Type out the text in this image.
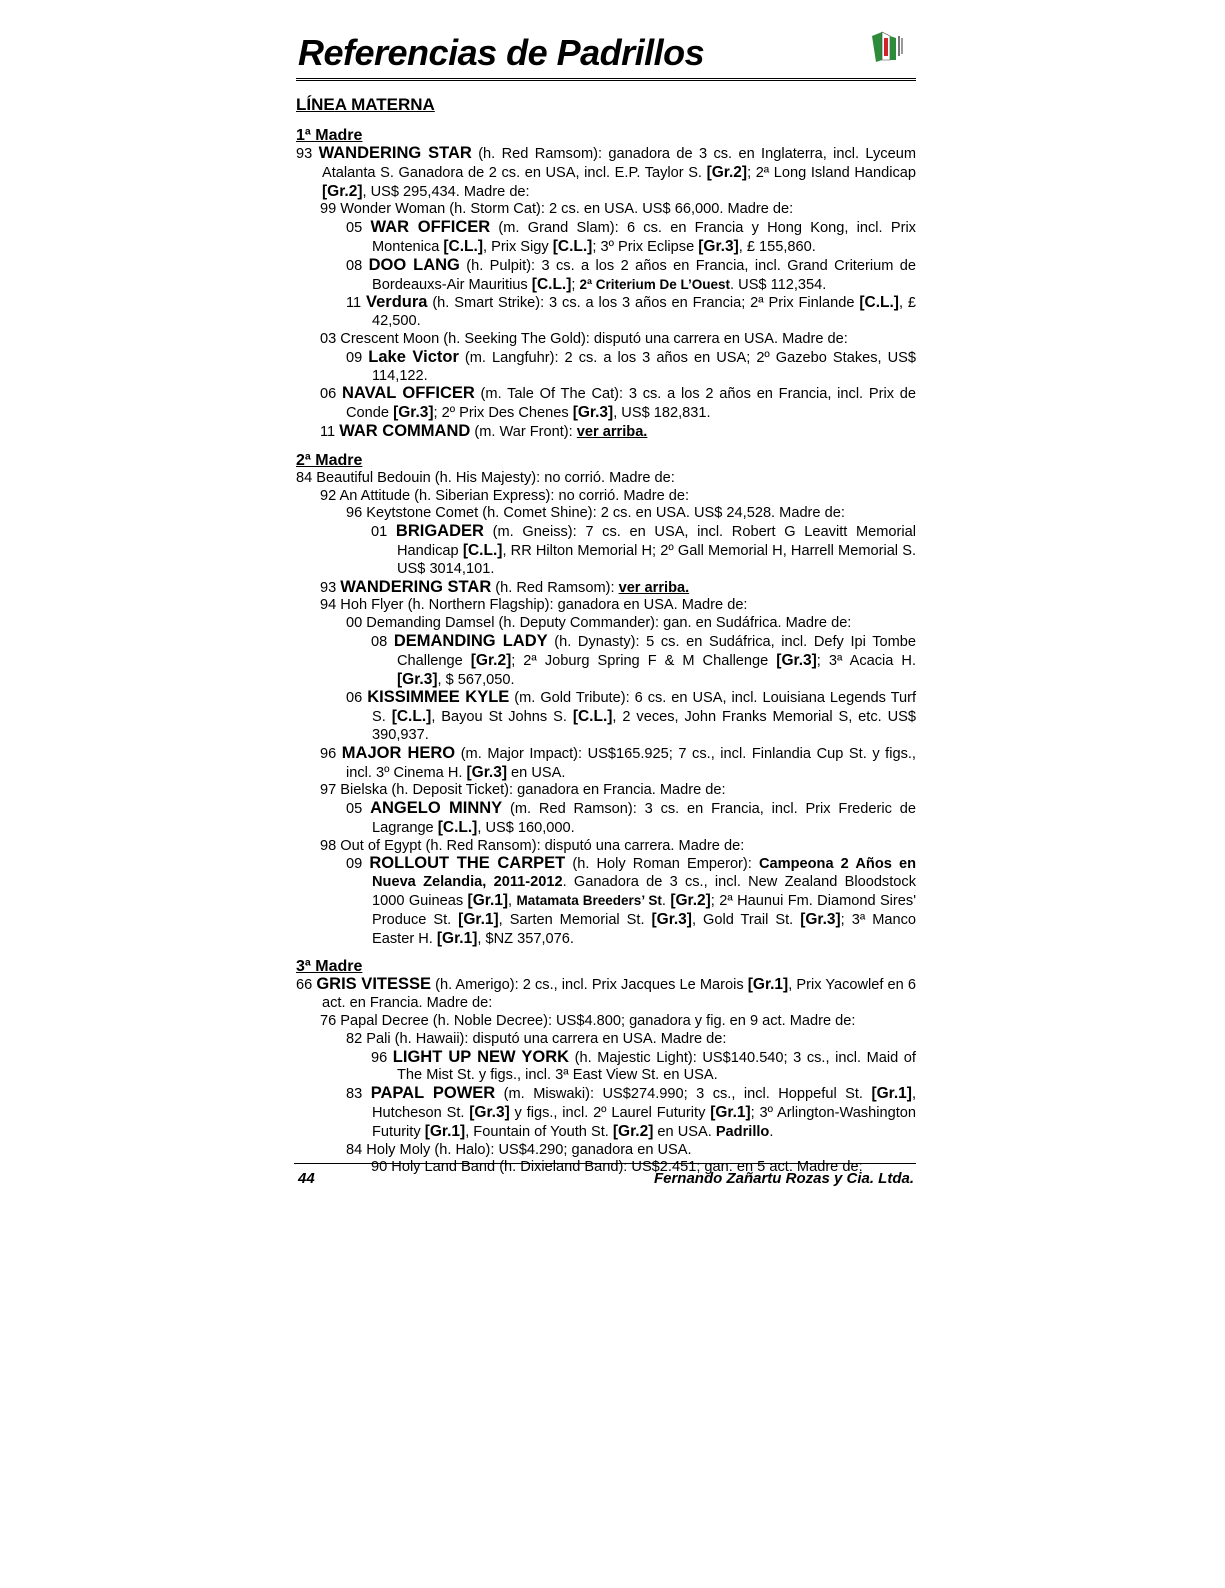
Referencias de Padrillos
LÍNEA MATERNA
1ª Madre
93 WANDERING STAR (h. Red Ramsom): ganadora de 3 cs. en Inglaterra, incl. Lyceum Atalanta S. Ganadora de 2 cs. en USA, incl. E.P. Taylor S. [Gr.2]; 2ª Long Island Handicap [Gr.2], US$ 295,434. Madre de:
99 Wonder Woman (h. Storm Cat): 2 cs. en USA. US$ 66,000. Madre de:
05 WAR OFFICER (m. Grand Slam): 6 cs. en Francia y Hong Kong, incl. Prix Montenica [C.L.], Prix Sigy [C.L.]; 3º Prix Eclipse [Gr.3], £ 155,860.
08 DOO LANG (h. Pulpit): 3 cs. a los 2 años en Francia, incl. Grand Criterium de Bordeauxs-Air Mauritius [C.L.]; 2ª Criterium De L’Ouest. US$ 112,354.
11 Verdura (h. Smart Strike): 3 cs. a los 3 años en Francia; 2ª Prix Finlande [C.L.], £ 42,500.
03 Crescent Moon (h. Seeking The Gold): disputó una carrera en USA. Madre de:
09 Lake Victor (m. Langfuhr): 2 cs. a los 3 años en USA; 2º Gazebo Stakes, US$ 114,122.
06 NAVAL OFFICER (m. Tale Of The Cat): 3 cs. a los 2 años en Francia, incl. Prix de Conde [Gr.3]; 2º Prix Des Chenes [Gr.3], US$ 182,831.
11 WAR COMMAND (m. War Front): ver arriba.
2ª Madre
84 Beautiful Bedouin (h. His Majesty): no corrió. Madre de:
92 An Attitude (h. Siberian Express): no corrió. Madre de:
96 Keytstone Comet (h. Comet Shine): 2 cs. en USA. US$ 24,528. Madre de:
01 BRIGADER (m. Gneiss): 7 cs. en USA, incl. Robert G Leavitt Memorial Handicap [C.L.], RR Hilton Memorial H; 2º Gall Memorial H, Harrell Memorial S. US$ 3014,101.
93 WANDERING STAR (h. Red Ramsom): ver arriba.
94 Hoh Flyer (h. Northern Flagship): ganadora en USA. Madre de:
00 Demanding Damsel (h. Deputy Commander): gan. en Sudáfrica. Madre de:
08 DEMANDING LADY (h. Dynasty): 5 cs. en Sudáfrica, incl. Defy Ipi Tombe Challenge [Gr.2]; 2ª Joburg Spring F & M Challenge [Gr.3]; 3ª Acacia H. [Gr.3], $ 567,050.
06 KISSIMMEE KYLE (m. Gold Tribute): 6 cs. en USA, incl. Louisiana Legends Turf S. [C.L.], Bayou St Johns S. [C.L.], 2 veces, John Franks Memorial S, etc. US$ 390,937.
96 MAJOR HERO (m. Major Impact): US$165.925; 7 cs., incl. Finlandia Cup St. y figs., incl. 3º Cinema H. [Gr.3] en USA.
97 Bielska (h. Deposit Ticket): ganadora en Francia. Madre de:
05 ANGELO MINNY (m. Red Ramson): 3 cs. en Francia, incl. Prix Frederic de Lagrange [C.L.], US$ 160,000.
98 Out of Egypt (h. Red Ransom): disputó una carrera. Madre de:
09 ROLLOUT THE CARPET (h. Holy Roman Emperor): Campeona 2 Años en Nueva Zelandia, 2011-2012. Ganadora de 3 cs., incl. New Zealand Bloodstock 1000 Guineas [Gr.1], Matamata Breeders’ St. [Gr.2]; 2ª Haunui Fm. Diamond Sires' Produce St. [Gr.1], Sarten Memorial St. [Gr.3], Gold Trail St. [Gr.3]; 3ª Manco Easter H. [Gr.1], $NZ 357,076.
3ª Madre
66 GRIS VITESSE (h. Amerigo): 2 cs., incl. Prix Jacques Le Marois [Gr.1], Prix Yacowlef en 6 act. en Francia. Madre de:
76 Papal Decree (h. Noble Decree): US$4.800; ganadora y fig. en 9 act. Madre de:
82 Pali (h. Hawaii): disputó una carrera en USA. Madre de:
96 LIGHT UP NEW YORK (h. Majestic Light): US$140.540; 3 cs., incl. Maid of The Mist St. y figs., incl. 3ª East View St. en USA.
83 PAPAL POWER (m. Miswaki): US$274.990; 3 cs., incl. Hoppeful St. [Gr.1], Hutcheson St. [Gr.3] y figs., incl. 2º Laurel Futurity [Gr.1]; 3º Arlington-Washington Futurity [Gr.1], Fountain of Youth St. [Gr.2] en USA. Padrillo.
84 Holy Moly (h. Halo): US$4.290; ganadora en USA.
90 Holy Land Band (h. Dixieland Band): US$2.451; gan. en 5 act. Madre de:
44	Fernando Zañartu Rozas y Cia. Ltda.
